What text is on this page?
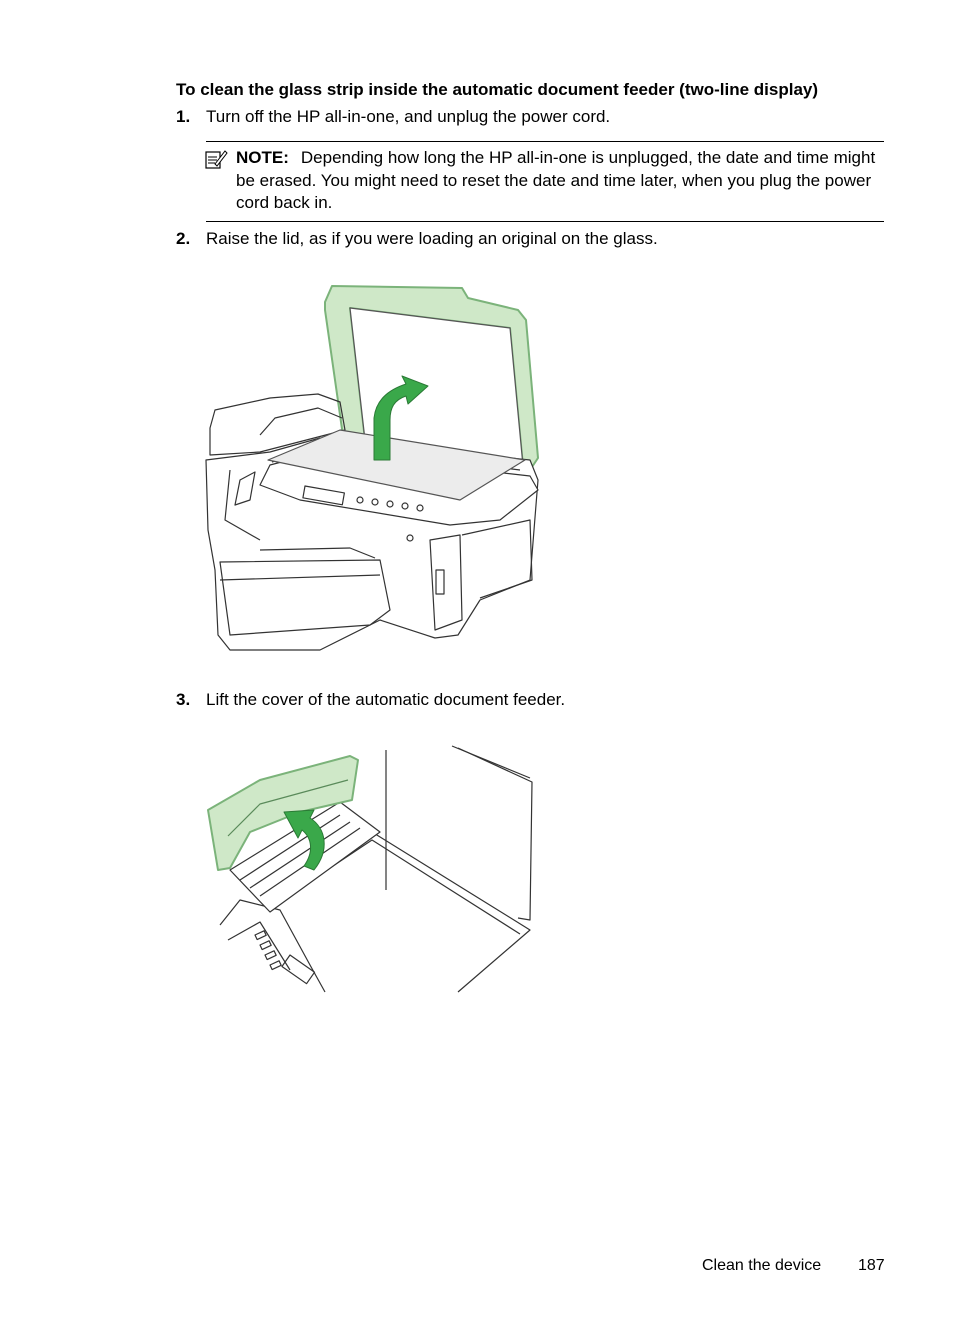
To clean the glass strip inside the automatic document feeder (two-line display)
1. Turn off the HP all-in-one, and unplug the power cord.
NOTE: Depending how long the HP all-in-one is unplugged, the date and time might be erased. You might need to reset the date and time later, when you plug the power cord back in.
2. Raise the lid, as if you were loading an original on the glass.
3. Lift the cover of the automatic document feeder.
Clean the device 187
